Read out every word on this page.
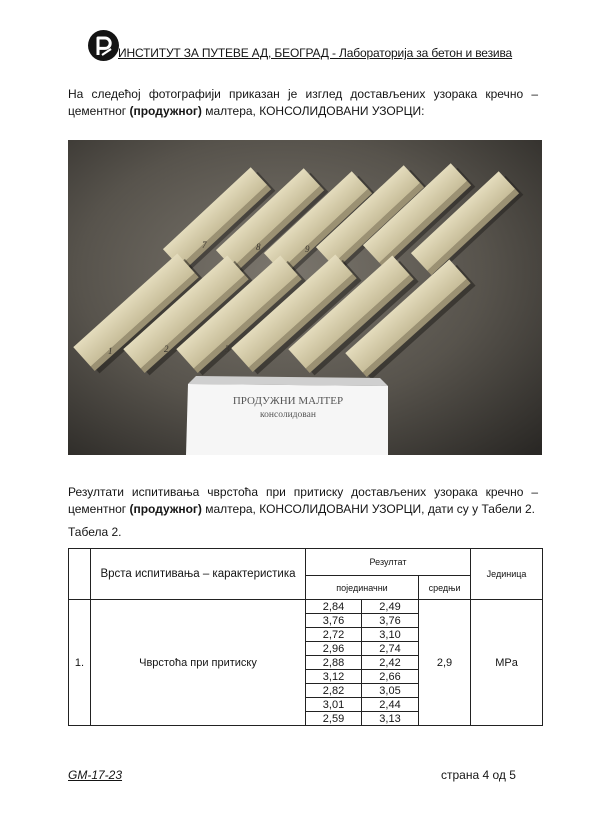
ИНСТИТУТ ЗА ПУТЕВЕ АД, БЕОГРАД - Лабораторија за бетон и везива
На следећој фотографији приказан је изглед достављених узорака кречно –
цементног (продужног) малтера, КОНСОЛИДОВАНИ УЗОРЦИ:
1	2	3
7	8	9
ПРОДУЖНИ МАЛТЕР
консолидован
Резултати испитивања чврстоћа при притиску достављених узорака кречно –
цементног (продужног) малтера, КОНСОЛИДОВАНИ УЗОРЦИ, дати су у Табели 2.
Табела 2.
	Врста испитивања – карактеристика	Резултат			Јединица
		појединачни		средњи	
1.	Чврстоћа при притиску	2,84	2,49	2,9	MPa
		3,76	3,76		
		2,72	3,10		
		2,96	2,74		
		2,88	2,42		
		3,12	2,66		
		2,82	3,05		
		3,01	2,44		
		2,59	3,13		
GM-17-23	страна 4 од 5
